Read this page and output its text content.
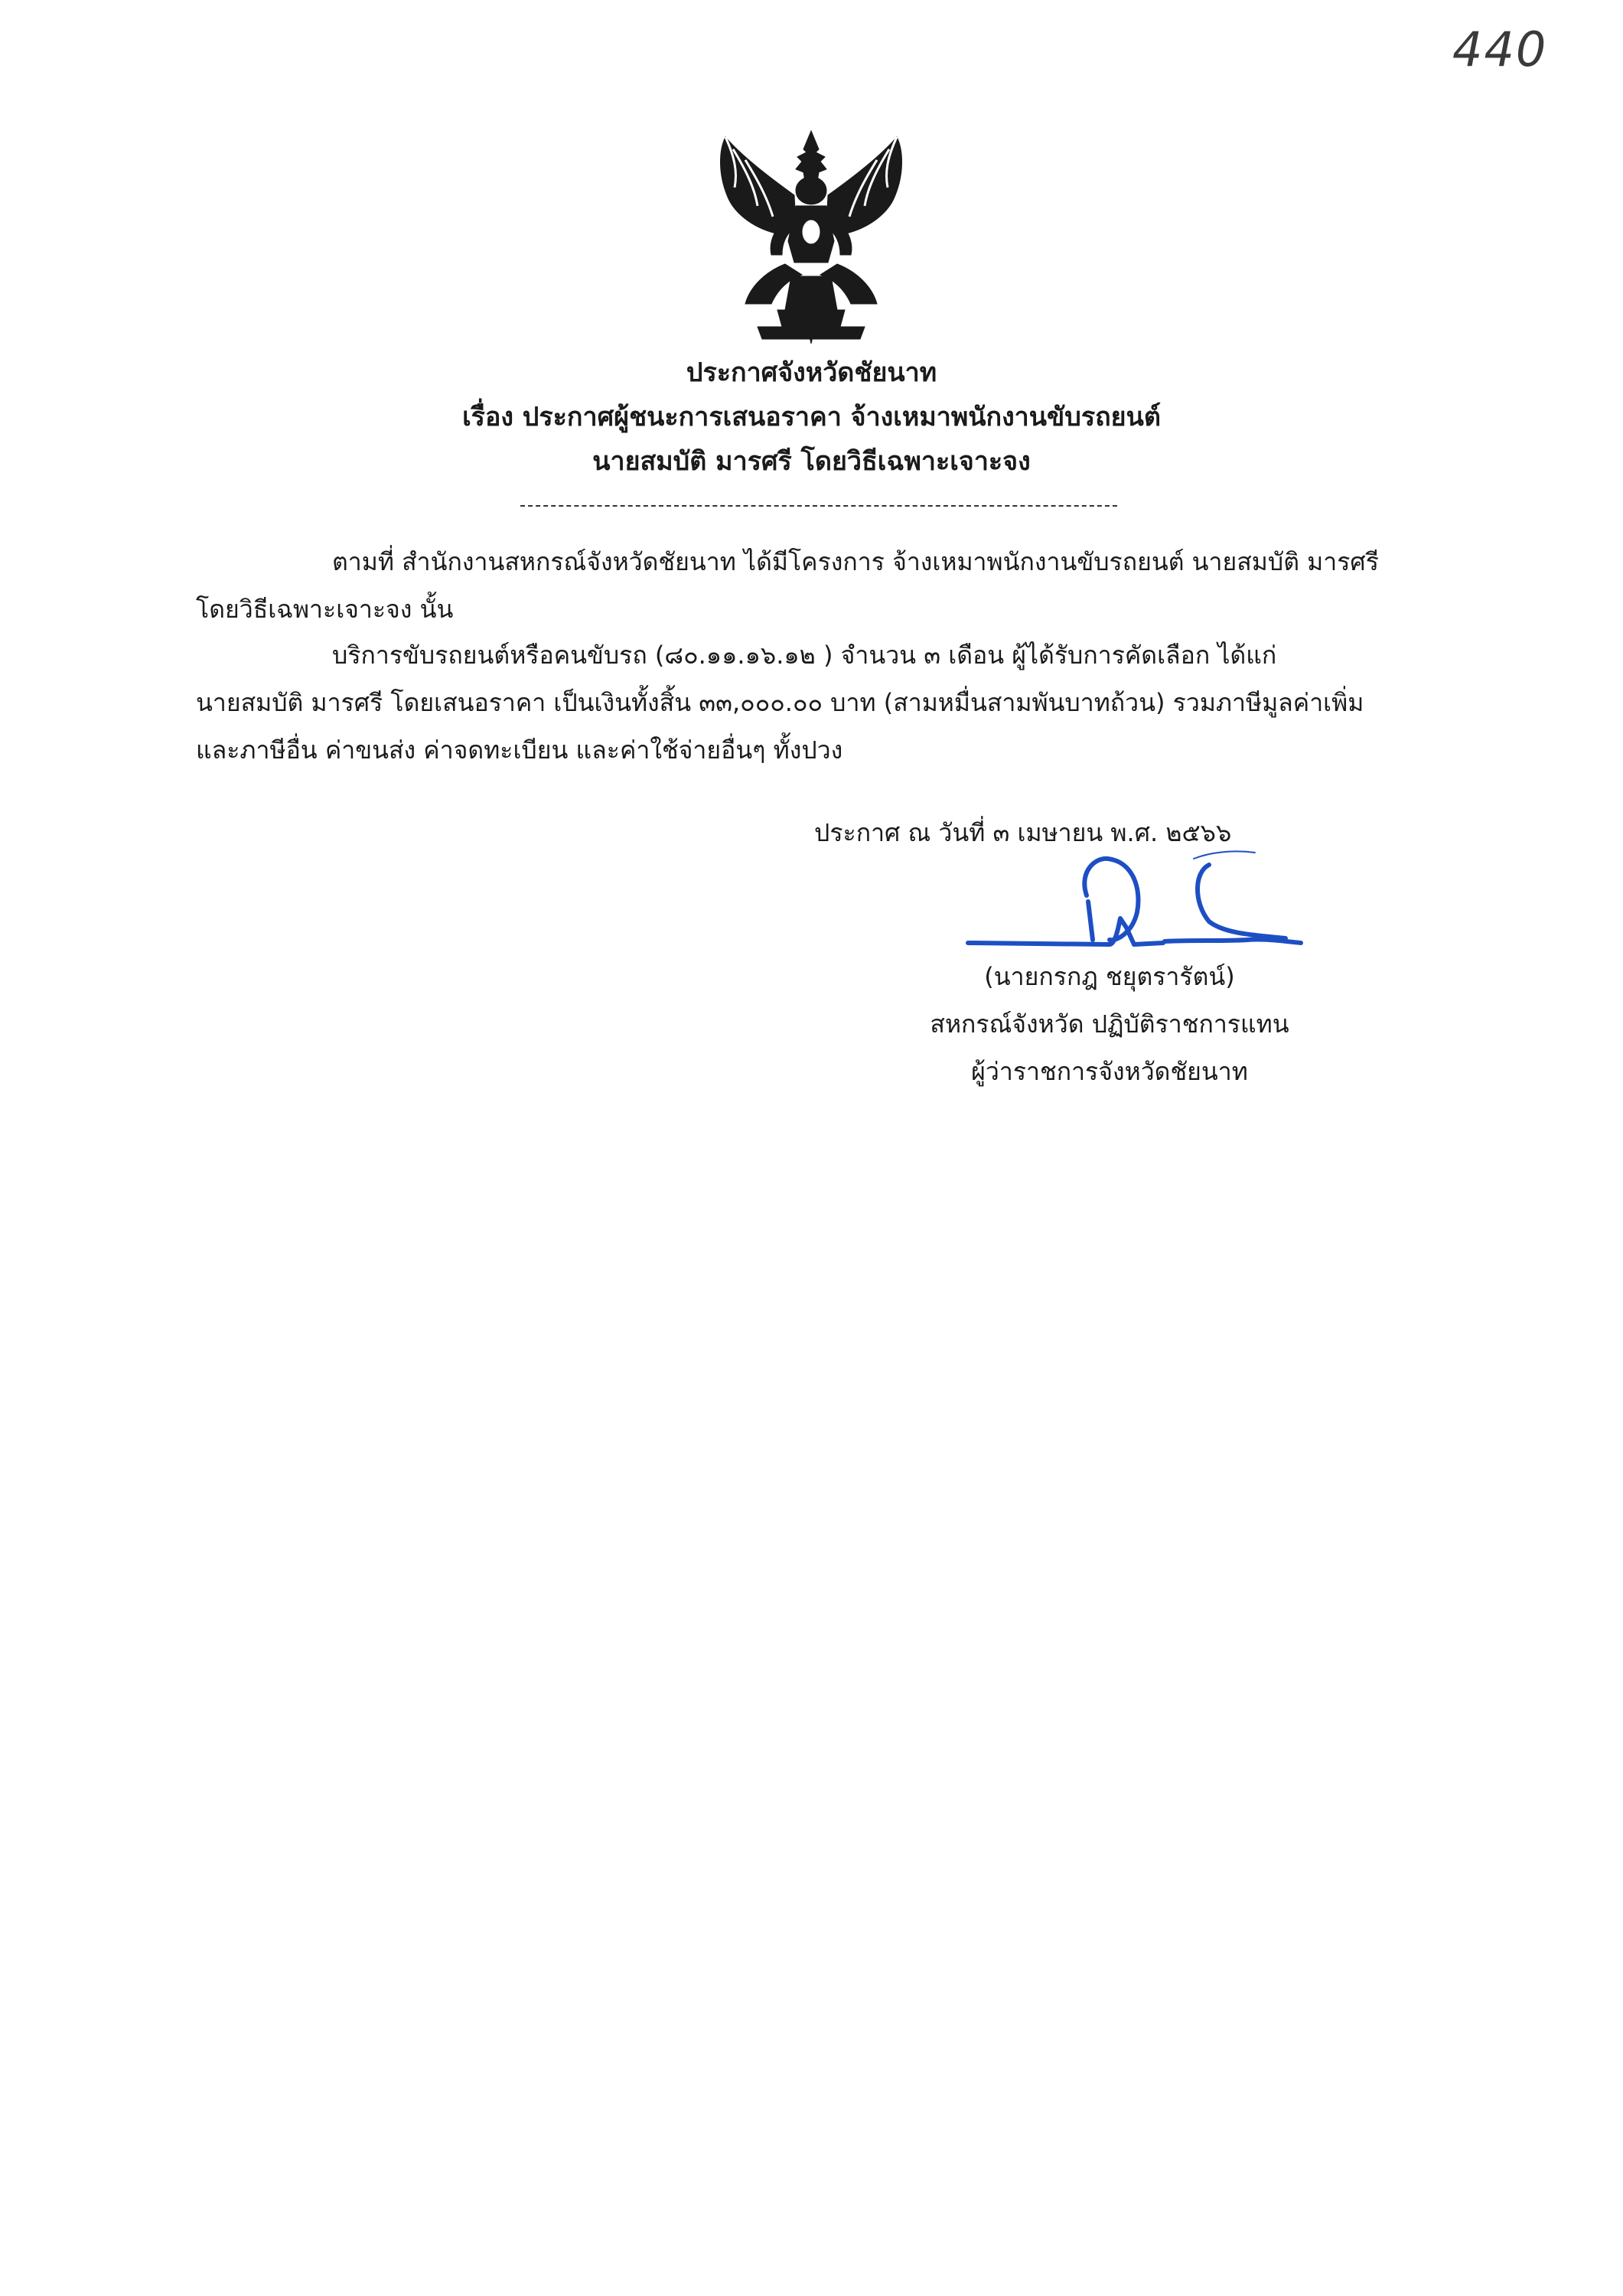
440
ประกาศจังหวัดชัยนาท
เรื่อง ประกาศผู้ชนะการเสนอราคา จ้างเหมาพนักงานขับรถยนต์
นายสมบัติ มารศรี โดยวิธีเฉพาะเจาะจง
ตามที่ สำนักงานสหกรณ์จังหวัดชัยนาท ได้มีโครงการ จ้างเหมาพนักงานขับรถยนต์ นายสมบัติ มารศรี
โดยวิธีเฉพาะเจาะจง นั้น
บริการขับรถยนต์หรือคนขับรถ (๘๐.๑๑.๑๖.๑๒ ) จำนวน ๓ เดือน ผู้ได้รับการคัดเลือก ได้แก่
นายสมบัติ มารศรี โดยเสนอราคา เป็นเงินทั้งสิ้น ๓๓,๐๐๐.๐๐ บาท (สามหมื่นสามพันบาทถ้วน) รวมภาษีมูลค่าเพิ่ม
และภาษีอื่น ค่าขนส่ง ค่าจดทะเบียน และค่าใช้จ่ายอื่นๆ ทั้งปวง
ประกาศ ณ วันที่ ๓ เมษายน พ.ศ. ๒๕๖๖
(นายกรกฎ ชยุตรารัตน์)
สหกรณ์จังหวัด ปฏิบัติราชการแทน
ผู้ว่าราชการจังหวัดชัยนาท
